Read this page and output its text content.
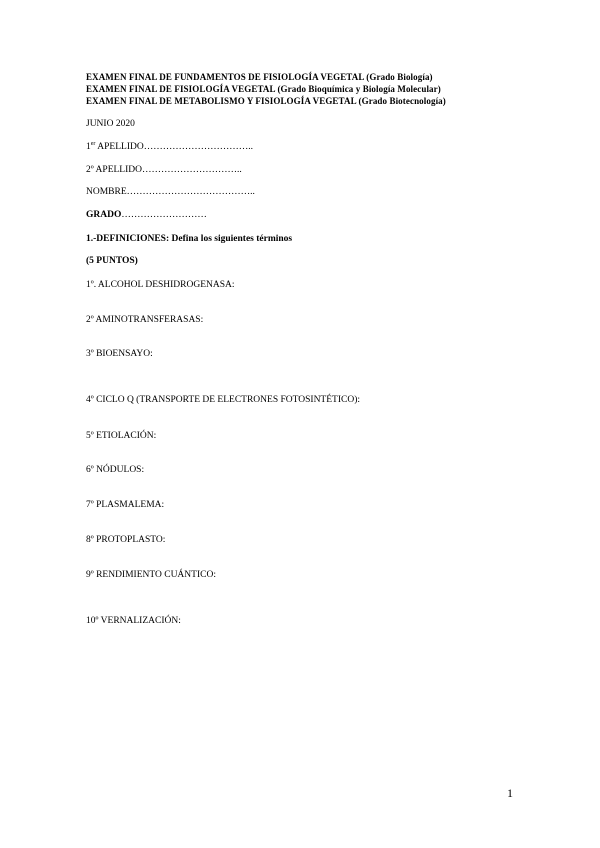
EXAMEN FINAL DE FUNDAMENTOS DE FISIOLOGÍA VEGETAL (Grado Biología)
EXAMEN FINAL DE FISIOLOGÍA VEGETAL (Grado Bioquímica y Biología Molecular)
EXAMEN FINAL DE METABOLISMO Y FISIOLOGÍA VEGETAL (Grado Biotecnología)
JUNIO 2020
1er APELLIDO……………………………..
2º APELLIDO…………………………..
NOMBRE…………………………………..
GRADO………………………
1.-DEFINICIONES: Defina los siguientes términos
(5 PUNTOS)
1º. ALCOHOL DESHIDROGENASA:
2º AMINOTRANSFERASAS:
3º BIOENSAYO:
4º CICLO Q (TRANSPORTE DE ELECTRONES FOTOSINTÉTICO):
5º ETIOLACIÓN:
6º NÓDULOS:
7º PLASMALEMA:
8º PROTOPLASTO:
9º RENDIMIENTO CUÁNTICO:
10º VERNALIZACIÓN:
1
